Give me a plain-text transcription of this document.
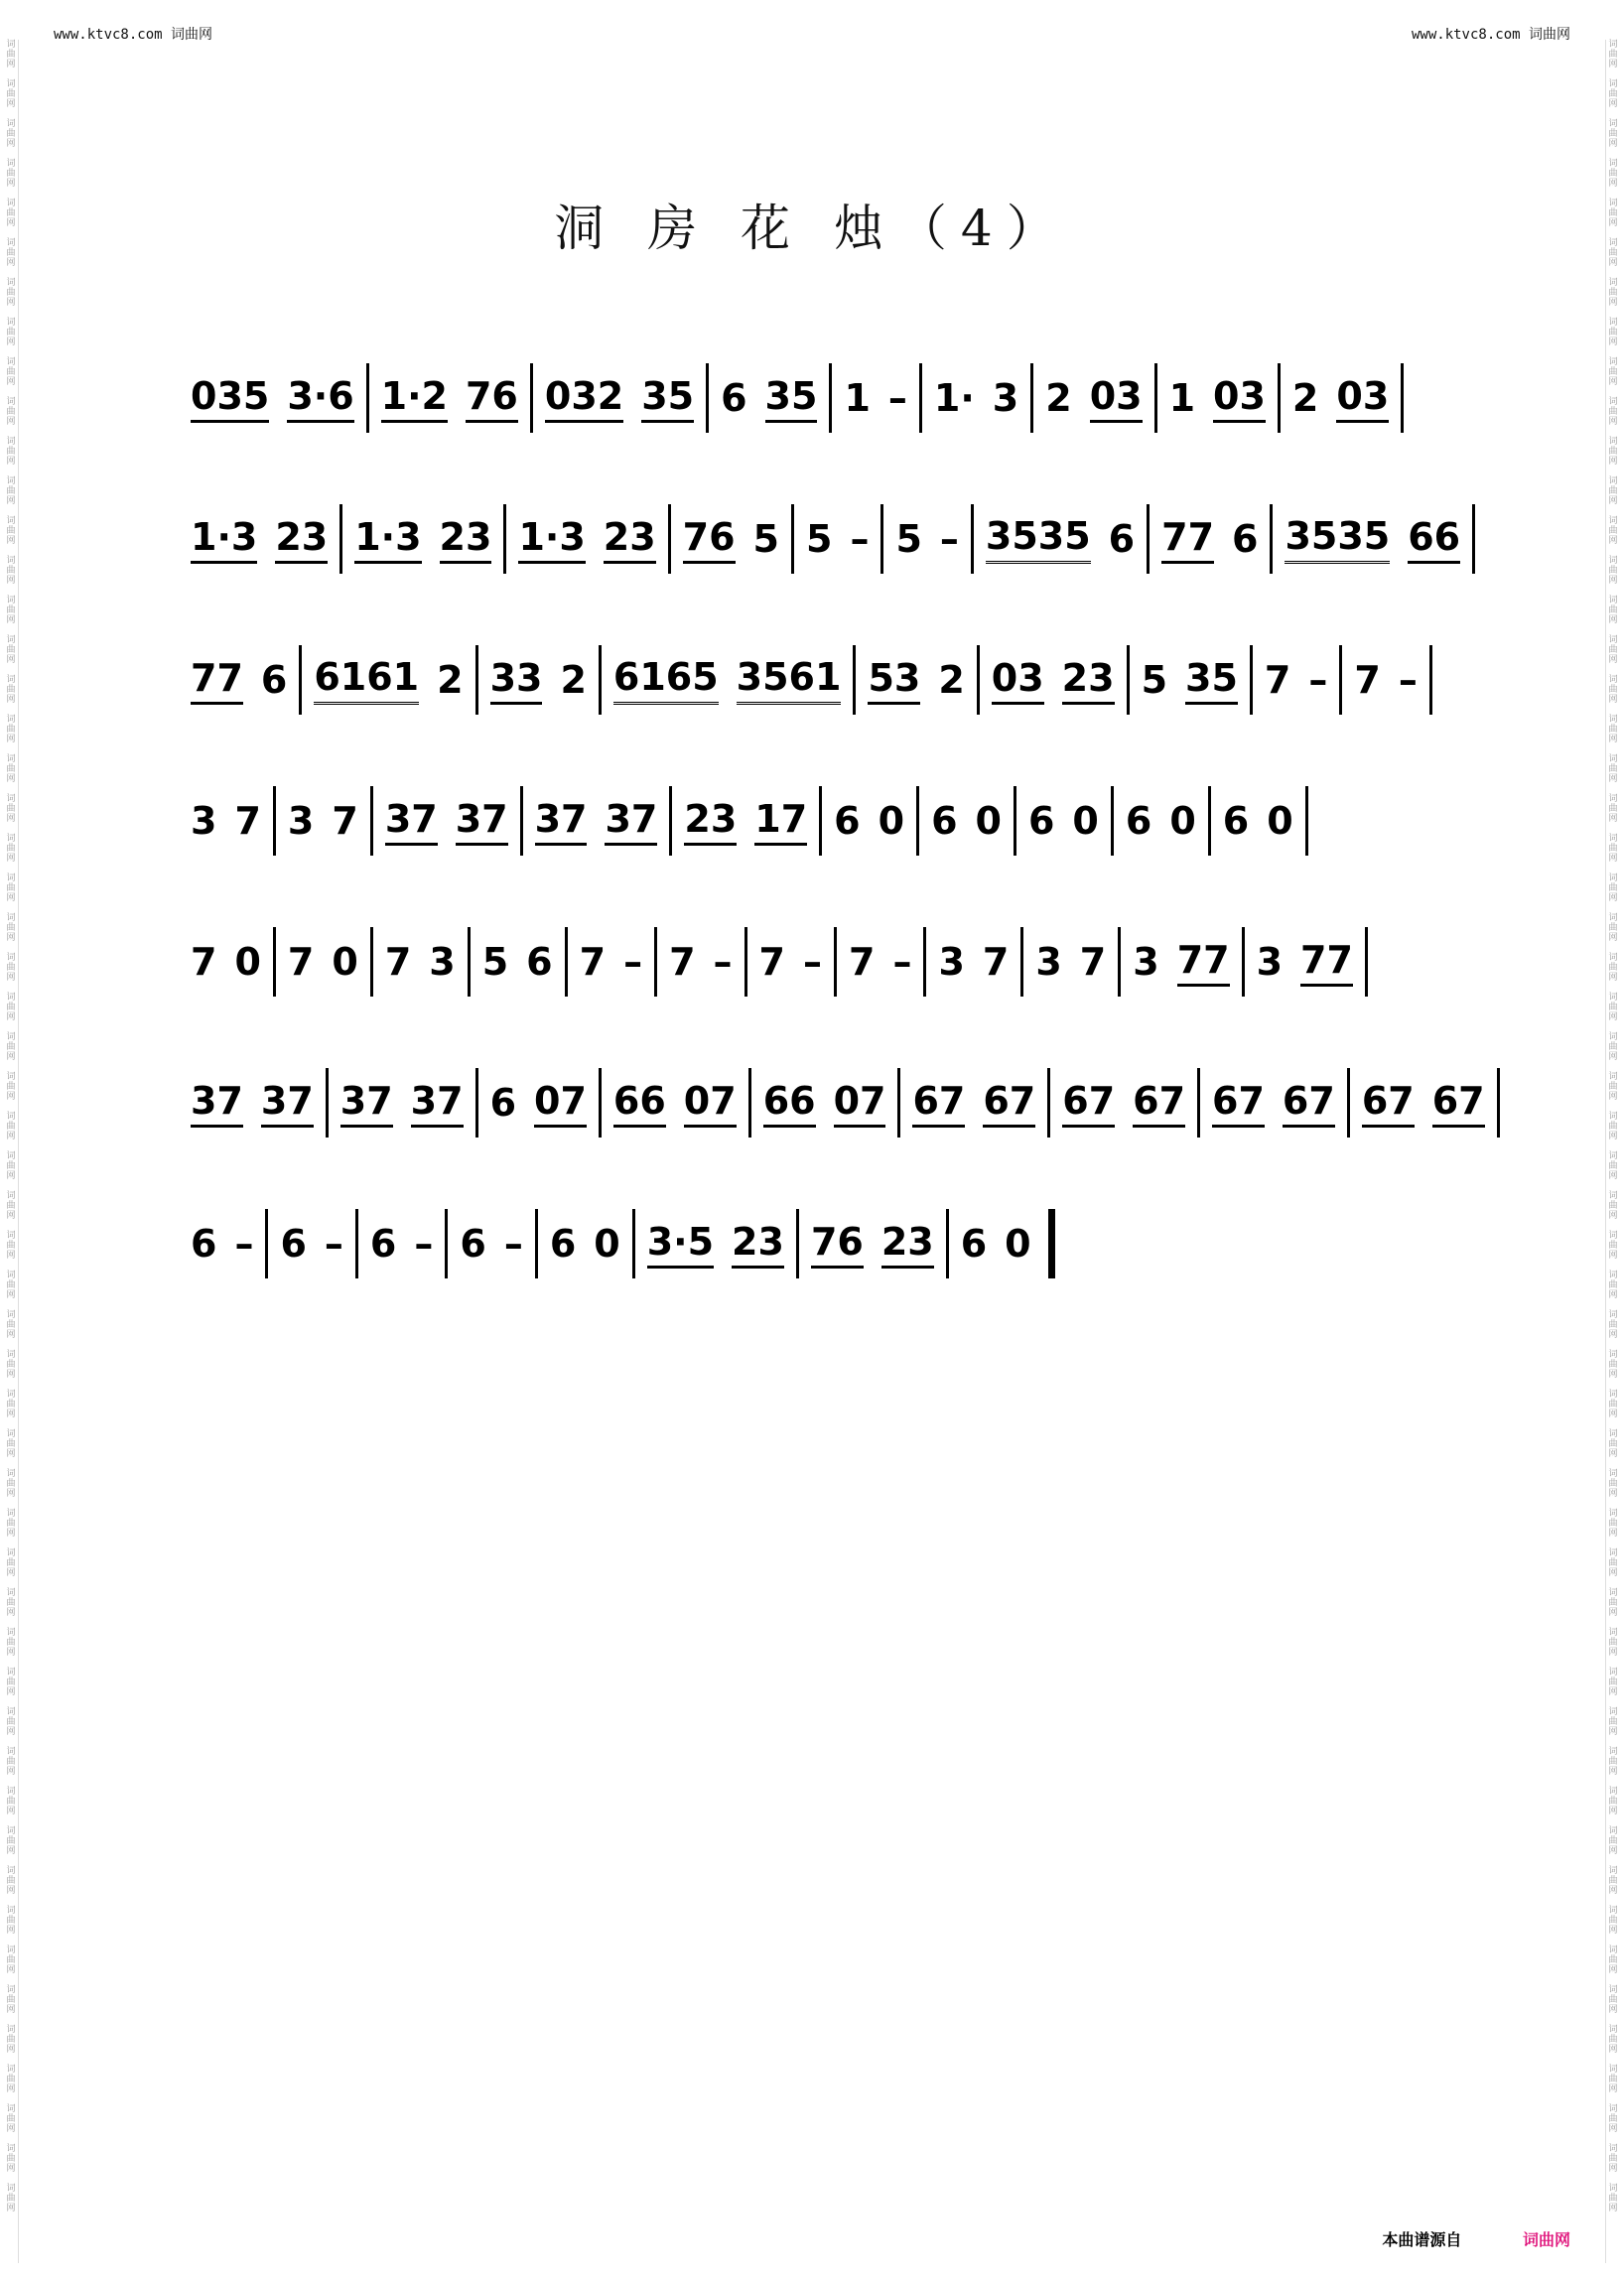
www.ktvc8.com 词曲网	www.ktvc8.com 词曲网
词曲网
词曲网
词曲网
词曲网
词曲网
词曲网
词曲网
词曲网
词曲网
词曲网
词曲网
词曲网
词曲网
词曲网
词曲网
词曲网
词曲网
词曲网
词曲网
词曲网
词曲网
词曲网
词曲网
词曲网
词曲网
词曲网
词曲网
词曲网
词曲网
词曲网
词曲网
词曲网
词曲网
词曲网
词曲网
词曲网
词曲网
词曲网
词曲网
词曲网
词曲网
词曲网
词曲网
词曲网
词曲网
词曲网
词曲网
词曲网
词曲网
词曲网
词曲网
词曲网
词曲网
词曲网
词曲网
词曲网
词曲网
词曲网
词曲网
词曲网
词曲网
词曲网
词曲网
词曲网
词曲网
词曲网
词曲网
词曲网
词曲网
词曲网
词曲网
词曲网
词曲网
词曲网
词曲网
词曲网
词曲网
词曲网
词曲网
词曲网
词曲网
词曲网
词曲网
词曲网
词曲网
词曲网
词曲网
词曲网
词曲网
词曲网
词曲网
词曲网
词曲网
词曲网
词曲网
词曲网
词曲网
词曲网
词曲网
词曲网
词曲网
词曲网
词曲网
词曲网
词曲网
词曲网
词曲网
词曲网
词曲网
词曲网
洞 房 花 烛（4）
035 3·6 1·2 76 032 35 6 35 1 – 1· 3 2 03 1 03 2 03
1·3 23 1·3 23 1·3 23 76 5 5 – 5 – 3535 6 77 6 3535 66
77 6 6161 2 33 2 6165 3561 53 2 03 23 5 35 7 – 7 –
3 7 3 7 37 37 37 37 23 17 6 0 6 0 6 0 6 0 6 0
7 0 7 0 7 3 5 6 7 – 7 – 7 – 7 – 3 7 3 7 3 77 3 77
37 37 37 37 6 07 66 07 66 07 67 67 67 67 67 67 67 67
6 – 6 – 6 – 6 – 6 0 3·5 23 76 23 6 0
本曲谱源自	词曲网
